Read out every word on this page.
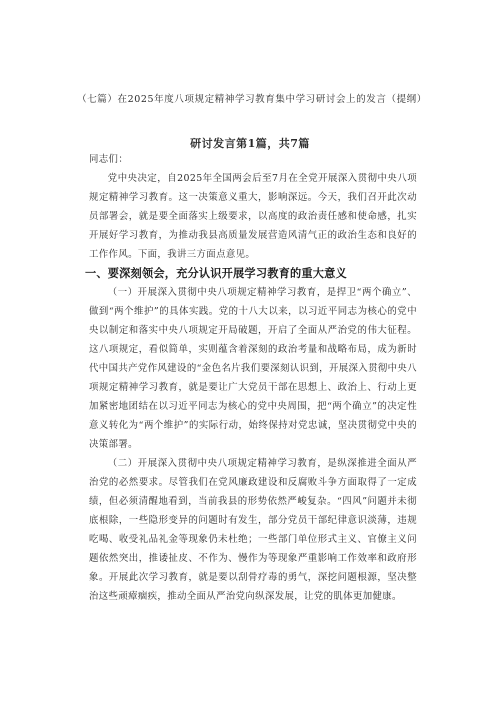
（七篇）在2025年度八项规定精神学习教育集中学习研讨会上的发言（提纲）
研讨发言第1篇，共7篇

同志们：

党中央决定，自2025年全国两会后至7月在全党开展深入贯彻中央八项规定精神学习教育。这一决策意义重大，影响深远。今天，我们召开此次动员部署会，就是要全面落实上级要求，以高度的政治责任感和使命感，扎实开展好学习教育，为推动我县高质量发展营造风清气正的政治生态和良好的工作作风。下面，我讲三方面点意见。

一、要深刻领会，充分认识开展学习教育的重大意义

（一）开展深入贯彻中央八项规定精神学习教育，是捍卫“两个确立”、做到“两个维护”的具体实践。党的十八大以来，以习近平同志为核心的党中央以制定和落实中央八项规定开局破题，开启了全面从严治党的伟大征程。这八项规定，看似简单，实则蕴含着深刻的政治考量和战略布局，成为新时代中国共产党作风建设的“金色名片我们要深刻认识到，开展深入贯彻中央八项规定精神学习教育，就是要让广大党员干部在思想上、政治上、行动上更加紧密地团结在以习近平同志为核心的党中央周围，把“两个确立”的决定性意义转化为“两个维护”的实际行动，始终保持对党忠诚，坚决贯彻党中央的决策部署。

（二）开展深入贯彻中央八项规定精神学习教育，是纵深推进全面从严治党的必然要求。尽管我们在党风廉政建设和反腐败斗争方面取得了一定成绩，但必须清醒地看到，当前我县的形势依然严峻复杂。“四风”问题并未彻底根除，一些隐形变异的问题时有发生，部分党员干部纪律意识淡薄，违规吃喝、收受礼品礼金等现象仍未杜绝；一些部门单位形式主义、官僚主义问题依然突出，推诿扯皮、不作为、慢作为等现象严重影响工作效率和政府形象。开展此次学习教育，就是要以刮骨疗毒的勇气，深挖问题根源，坚决整治这些顽瘴痼疾，推动全面从严治党向纵深发展，让党的肌体更加健康。
